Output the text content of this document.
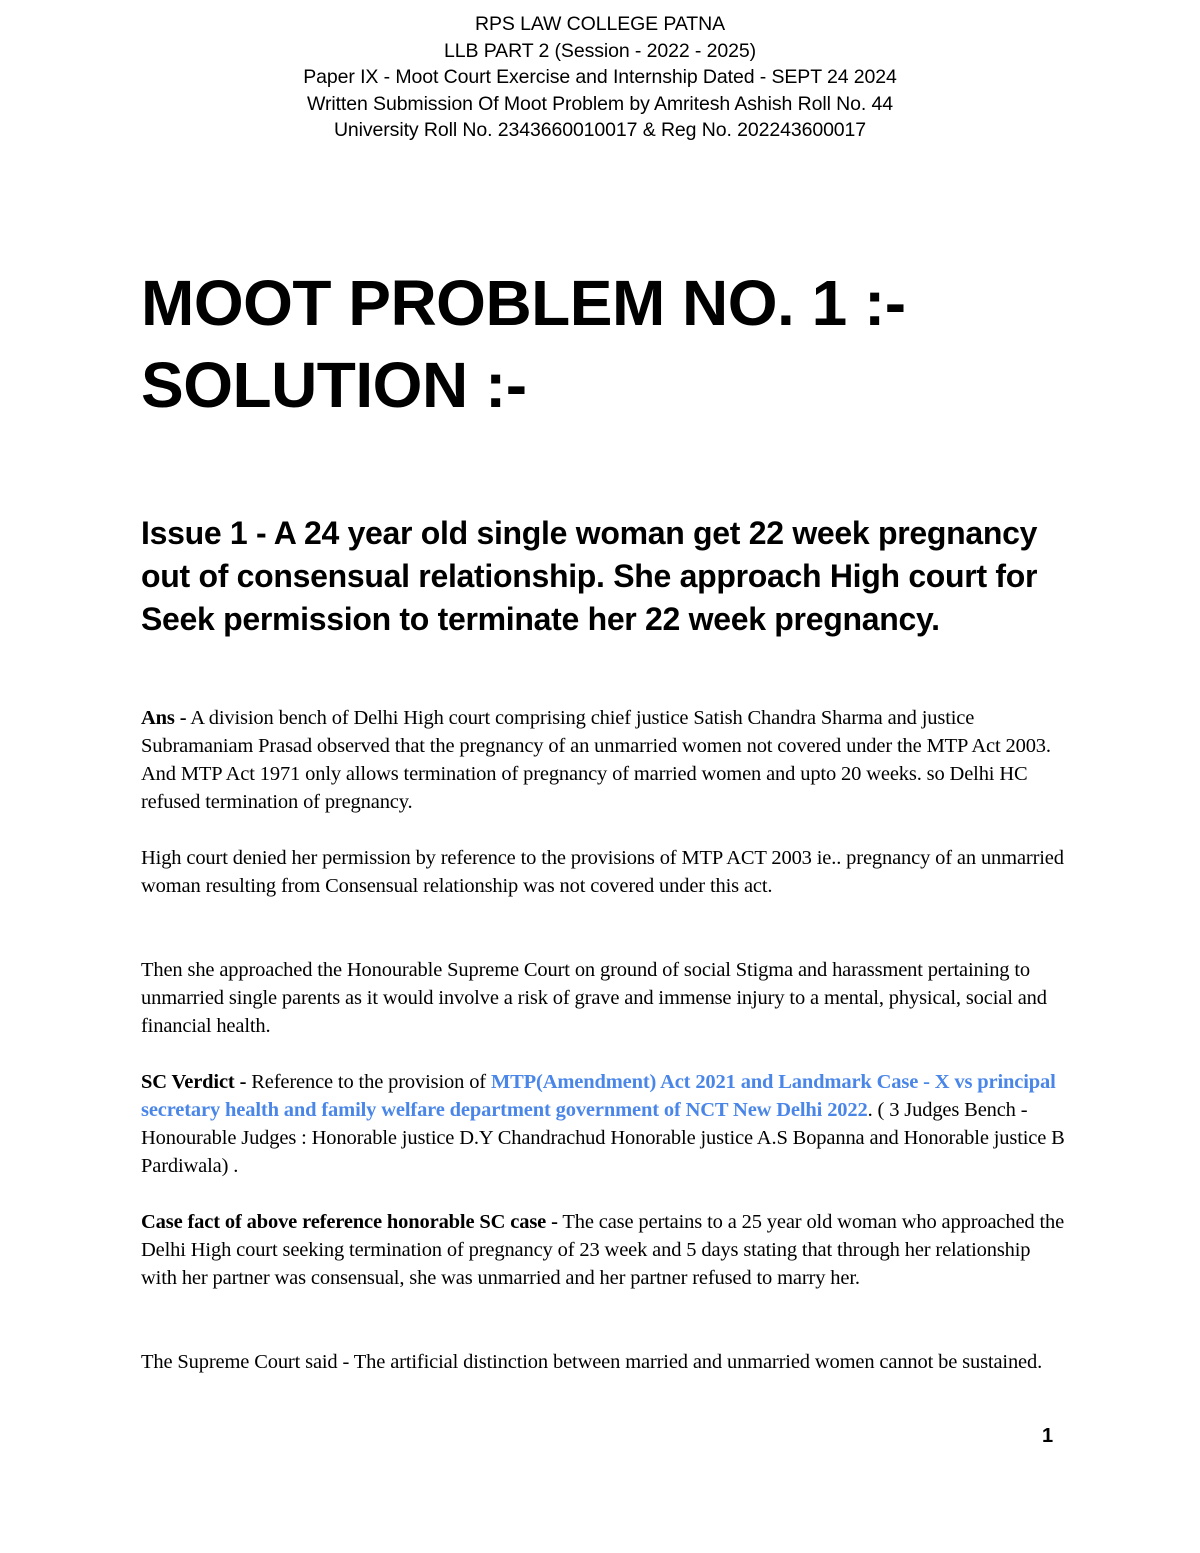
RPS LAW COLLEGE PATNA
LLB PART 2 (Session - 2022 - 2025)
Paper IX - Moot Court Exercise and Internship Dated - SEPT 24 2024
Written Submission Of Moot Problem by Amritesh Ashish Roll No. 44
University Roll No. 2343660010017 & Reg No. 202243600017
MOOT PROBLEM NO. 1 :-
SOLUTION :-
Issue 1 - A 24 year old single woman get 22 week pregnancy out of consensual relationship. She approach High court for Seek permission to terminate her 22 week pregnancy.

Ans - A division bench of Delhi High court comprising chief justice Satish Chandra Sharma and justice Subramaniam Prasad observed that the pregnancy of an unmarried women not covered under the MTP Act 2003. And MTP Act 1971 only allows termination of pregnancy of married women and upto 20 weeks. so Delhi HC refused termination of pregnancy.

High court denied her permission by reference to the provisions of MTP ACT 2003 ie.. pregnancy of an unmarried woman resulting from Consensual relationship was not covered under this act.

Then she approached the Honourable Supreme Court on ground of social Stigma and harassment pertaining to unmarried single parents as it would involve a risk of grave and immense injury to a mental, physical, social and financial health.

SC Verdict - Reference to the provision of MTP(Amendment) Act 2021 and Landmark Case - X vs principal secretary health and family welfare department government of NCT New Delhi 2022. ( 3 Judges Bench - Honourable Judges : Honorable justice D.Y Chandrachud Honorable justice A.S Bopanna and Honorable justice B Pardiwala) .

Case fact of above reference honorable SC case - The case pertains to a 25 year old woman who approached the Delhi High court seeking termination of pregnancy of 23 week and 5 days stating that through her relationship with her partner was consensual, she was unmarried and her partner refused to marry her.

The Supreme Court said - The artificial distinction between married and unmarried women cannot be sustained.

1
